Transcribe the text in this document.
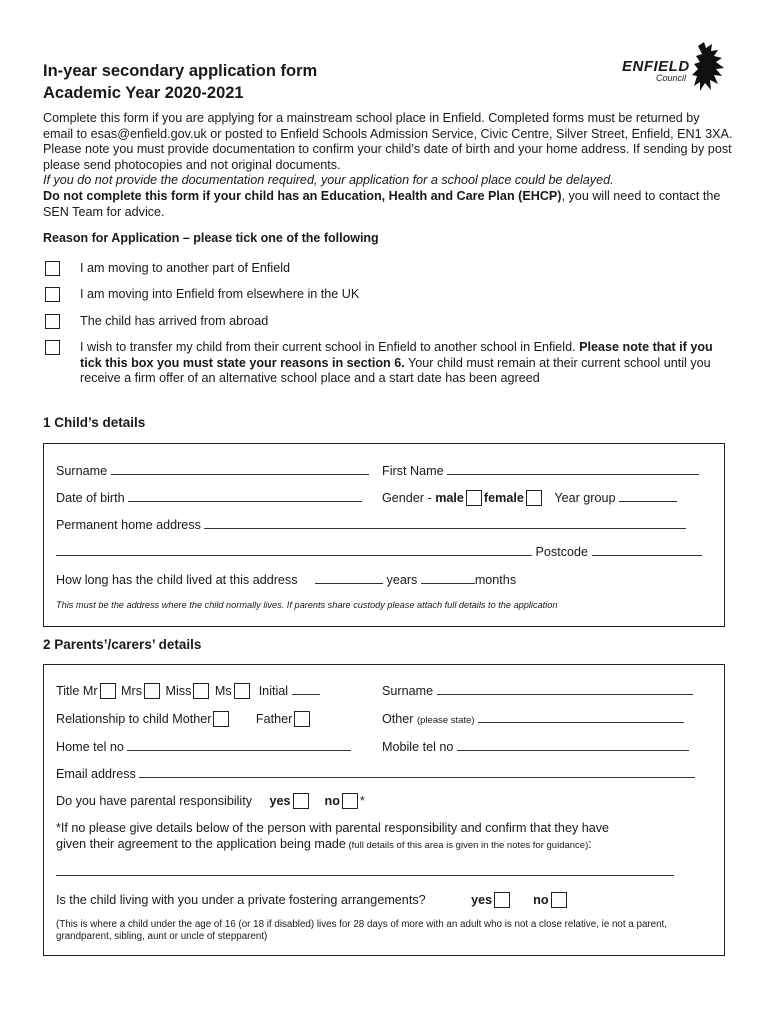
In-year secondary application form
Academic Year 2020-2021
ENFIELD
Council

Complete this form if you are applying for a mainstream school place in Enfield. Completed forms must be returned by email to esas@enfield.gov.uk or posted to Enfield Schools Admission Service, Civic Centre, Silver Street, Enfield, EN1 3XA. Please note you must provide documentation to confirm your child’s date of birth and your home address. If sending by post please send photocopies and not original documents.

If you do not provide the documentation required, your application for a school place could be delayed.

Do not complete this form if your child has an Education, Health and Care Plan (EHCP), you will need to contact the SEN Team for advice.

Reason for Application – please tick one of the following
I am moving to another part of Enfield
I am moving into Enfield from elsewhere in the UK
The child has arrived from abroad
I wish to transfer my child from their current school in Enfield to another school in Enfield. Please note that if you tick this box you must state your reasons in section 6. Your child must remain at their current school until you receive a firm offer of an alternative school place and a start date has been agreed
1 Child’s details
Surname	First Name
Date of birth	Gender - male female Year group
Permanent home address
Postcode
How long has the child lived at this address	years	months
This must be the address where the child normally lives. If parents share custody please attach full details to the application
2 Parents’/carers’ details
Title Mr Mrs Miss Ms Initial	Surname
Relationship to child Mother	Father	Other (please state)
Home tel no	Mobile tel no
Email address
Do you have parental responsibility yes	no *
*If no please give details below of the person with parental responsibility and confirm that they have
given their agreement to the application being made (full details of this area is given in the notes for guidance):
Is the child living with you under a private fostering arrangements?	yes	no
(This is where a child under the age of 16 (or 18 if disabled) lives for 28 days of more with an adult who is not a close relative, ie not a parent, grandparent, sibling, aunt or uncle of stepparent)
